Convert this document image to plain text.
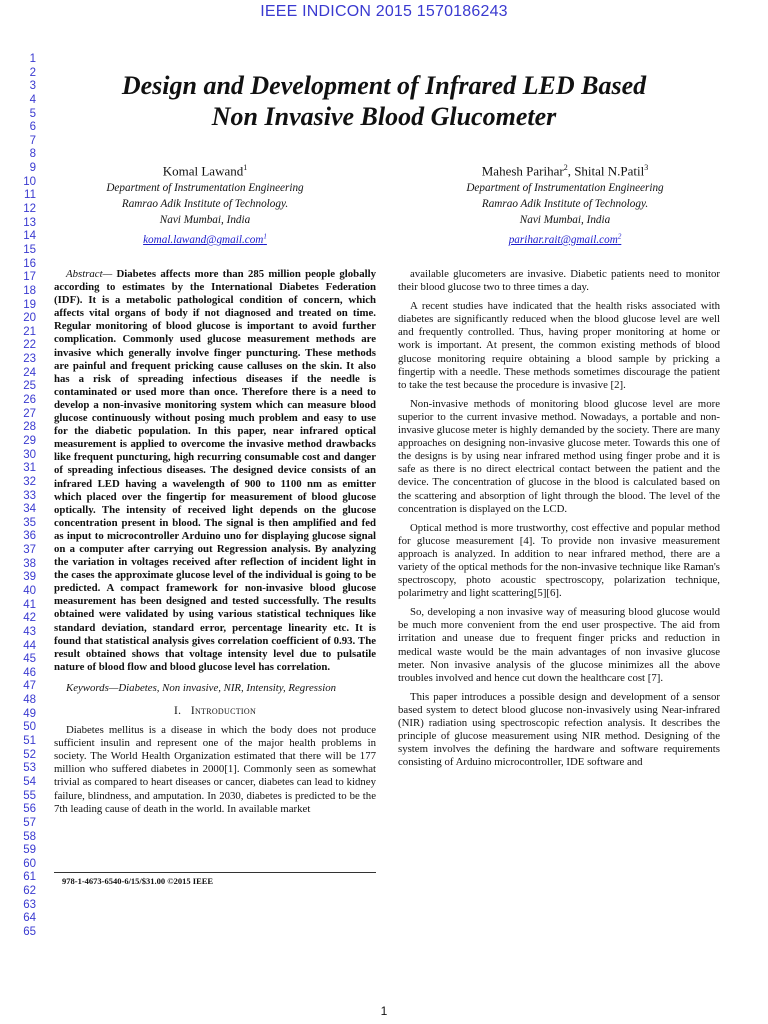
IEEE INDICON 2015 1570186243
1
2
3
4
5
6
7
8
9
10
11
12
13
14
15
16
17
18
19
20
21
22
23
24
25
26
27
28
29
30
31
32
33
34
35
36
37
38
39
40
41
42
43
44
45
46
47
48
49
50
51
52
53
54
55
56
57
58
59
60
61
62
63
64
65
Design and Development of Infrared LED Based
Non Invasive Blood Glucometer
Komal Lawand$^1$
Department of Instrumentation Engineering
Ramrao Adik Institute of Technology.
Navi Mumbai, India
komal.lawand@gmail.com$^1$
Mahesh Parihar$^2$, Shital N.Patil$^3$
Department of Instrumentation Engineering
Ramrao Adik Institute of Technology.
Navi Mumbai, India
parihar.rait@gmail.com$^2$

Abstract— Diabetes affects more than 285 million people globally according to estimates by the International Diabetes Federation (IDF). It is a metabolic pathological condition of concern, which affects vital organs of body if not diagnosed and treated on time. Regular monitoring of blood glucose is important to avoid further complication. Commonly used glucose measurement methods are invasive which generally involve finger puncturing. These methods are painful and frequent pricking cause calluses on the skin. It also has a risk of spreading infectious diseases if the needle is contaminated or used more than once. Therefore there is a need to develop a non-invasive monitoring system which can measure blood glucose continuously without posing much problem and easy to use for the diabetic population. In this paper, near infrared optical measurement is applied to overcome the invasive method drawbacks like frequent puncturing, high recurring consumable cost and danger of spreading infectious diseases. The designed device consists of an infrared LED having a wavelength of 900 to 1100 nm as emitter which placed over the fingertip for measurement of blood glucose optically. The intensity of received light depends on the glucose concentration present in blood. The signal is then amplified and fed as input to microcontroller Arduino uno for displaying glucose signal on a computer after carrying out Regression analysis. By analyzing the variation in voltages received after reflection of incident light in the cases the approximate glucose level of the individual is going to be predicted. A compact framework for non-invasive blood glucose measurement has been designed and tested successfully. The results obtained were validated by using various statistical techniques like standard deviation, standard error, percentage linearity etc. It is found that statistical analysis gives correlation coefficient of 0.93. The result obtained shows that voltage intensity level due to pulsatile nature of blood flow and blood glucose level has correlation.

Keywords—Diabetes, Non invasive, NIR, Intensity, Regression

I. Introduction

Diabetes mellitus is a disease in which the body does not produce sufficient insulin and represent one of the major health problems in society. The World Health Organization estimated that there will be 177 million who suffered diabetes in 2000[1]. Commonly seen as somewhat trivial as compared to heart diseases or cancer, diabetes can lead to kidney failure, blindness, and amputation. In 2030, diabetes is predicted to be the 7th leading cause of death in the world. In available market

available glucometers are invasive. Diabetic patients need to monitor their blood glucose two to three times a day.

A recent studies have indicated that the health risks associated with diabetes are significantly reduced when the blood glucose level are well and frequently controlled. Thus, having proper monitoring at home or work is important. At present, the common existing methods of blood glucose monitoring require obtaining a blood sample by pricking a fingertip with a needle. These methods sometimes discourage the patient to take the test because the procedure is invasive [2].

Non-invasive methods of monitoring blood glucose level are more superior to the current invasive method. Nowadays, a portable and non-invasive glucose meter is highly demanded by the society. There are many approaches on designing non-invasive glucose meter. Towards this one of the designs is by using near infrared method using finger probe and it is safe as there is no direct electrical contact between the patient and the device. The concentration of glucose in the blood is calculated based on the scattering and absorption of light through the blood. The level of the concentration is displayed on the LCD.

Optical method is more trustworthy, cost effective and popular method for glucose measurement [4]. To provide non invasive measurement approach is analyzed. In addition to near infrared method, there are a variety of the optical methods for the non-invasive technique like Raman's spectroscopy, photo acoustic spectroscopy, polarization technique, polarimetry and light scattering[5][6].

So, developing a non invasive way of measuring blood glucose would be much more convenient from the end user prospective. The aid from irritation and unease due to frequent finger pricks and reduction in medical waste would be the main advantages of non invasive glucose meter. Non invasive analysis of the glucose minimizes all the above troubles involved and hence cut down the healthcare cost [7].

This paper introduces a possible design and development of a sensor based system to detect blood glucose non-invasively using Near-infrared (NIR) radiation using spectroscopic refection analysis. It describes the principle of glucose measurement using NIR method. Designing of the system involves the defining the hardware and software requirements consisting of Arduino microcontroller, IDE software and

978-1-4673-6540-6/15/$31.00 ©2015 IEEE
1
